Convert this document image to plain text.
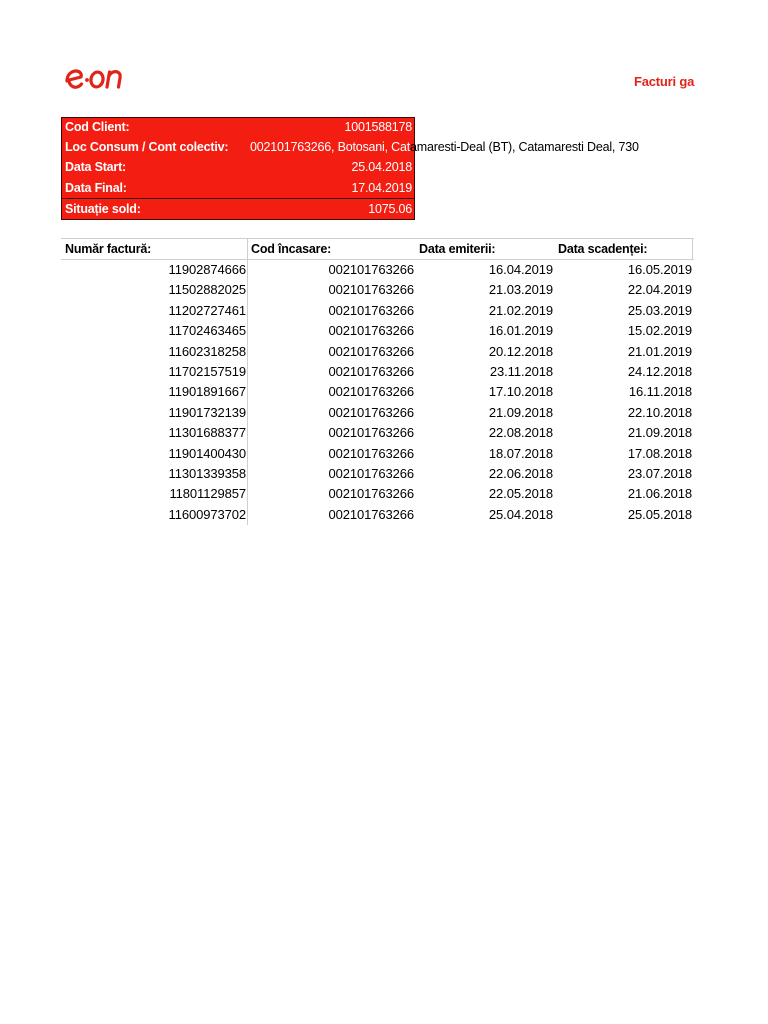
Facturi ga
Cod Client:	1001588178
Loc Consum / Cont colectiv: 002101763266, Botosani, Catamaresti-Deal (BT), Catamaresti Deal, 730
Data Start:	25.04.2018
Data Final:	17.04.2019
Situație sold:	1075.06
Număr factură:	Cod încasare:	Data emiterii:	Data scadenței:
11902874666	002101763266	16.04.2019	16.05.2019
11502882025	002101763266	21.03.2019	22.04.2019
11202727461	002101763266	21.02.2019	25.03.2019
11702463465	002101763266	16.01.2019	15.02.2019
11602318258	002101763266	20.12.2018	21.01.2019
11702157519	002101763266	23.11.2018	24.12.2018
11901891667	002101763266	17.10.2018	16.11.2018
11901732139	002101763266	21.09.2018	22.10.2018
11301688377	002101763266	22.08.2018	21.09.2018
11901400430	002101763266	18.07.2018	17.08.2018
11301339358	002101763266	22.06.2018	23.07.2018
11801129857	002101763266	22.05.2018	21.06.2018
11600973702	002101763266	25.04.2018	25.05.2018
